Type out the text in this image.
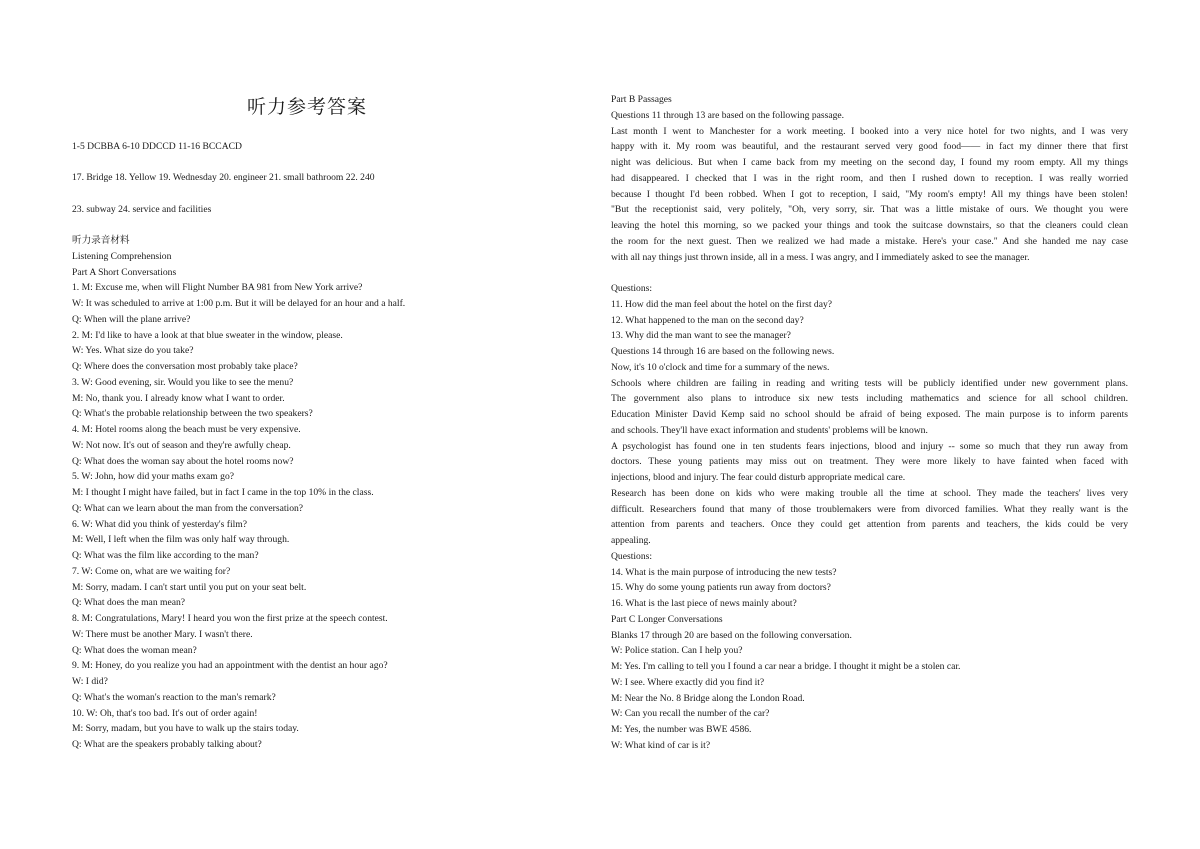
听力参考答案
1-5 DCBBA 6-10 DDCCD 11-16 BCCACD
17. Bridge 18. Yellow 19. Wednesday 20. engineer 21. small bathroom 22. 240
23. subway 24. service and facilities
听力录音材料
Listening Comprehension
Part A Short Conversations
1. M: Excuse me, when will Flight Number BA 981 from New York arrive?
W: It was scheduled to arrive at 1:00 p.m. But it will be delayed for an hour and a half.
Q: When will the plane arrive?
2. M: I'd like to have a look at that blue sweater in the window, please.
W: Yes. What size do you take?
Q: Where does the conversation most probably take place?
3. W: Good evening, sir. Would you like to see the menu?
M: No, thank you. I already know what I want to order.
Q: What's the probable relationship between the two speakers?
4. M: Hotel rooms along the beach must be very expensive.
W: Not now. It's out of season and they're awfully cheap.
Q: What does the woman say about the hotel rooms now?
5. W: John, how did your maths exam go?
M: I thought I might have failed, but in fact I came in the top 10% in the class.
Q: What can we learn about the man from the conversation?
6. W: What did you think of yesterday's film?
M: Well, I left when the film was only half way through.
Q: What was the film like according to the man?
7. W: Come on, what are we waiting for?
M: Sorry, madam. I can't start until you put on your seat belt.
Q: What does the man mean?
8. M: Congratulations, Mary! I heard you won the first prize at the speech contest.
W: There must be another Mary. I wasn't there.
Q: What does the woman mean?
9. M: Honey, do you realize you had an appointment with the dentist an hour ago?
W: I did?
Q: What's the woman's reaction to the man's remark?
10. W: Oh, that's too bad. It's out of order again!
M: Sorry, madam, but you have to walk up the stairs today.
Q: What are the speakers probably talking about?
Part B Passages
Questions 11 through 13 are based on the following passage.
Last month I went to Manchester for a work meeting. I booked into a very nice hotel for two nights, and I was very
happy with it. My room was beautiful, and the restaurant served very good food—— in fact my dinner there that first
night was delicious. But when I came back from my meeting on the second day, I found my room empty. All my things
had disappeared. I checked that I was in the right room, and then I rushed down to reception. I was really worried
because I thought I'd been robbed. When I got to reception, I said, "My room's empty! All my things have been stolen!
"But the receptionist said, very politely, "Oh, very sorry, sir. That was a little mistake of ours. We thought you were
leaving the hotel this morning, so we packed your things and took the suitcase downstairs, so that the cleaners could clean
the room for the next guest. Then we realized we had made a mistake. Here's your case." And she handed me nay case
with all nay things just thrown inside, all in a mess. I was angry, and I immediately asked to see the manager.
Questions:
11. How did the man feel about the hotel on the first day?
12. What happened to the man on the second day?
13. Why did the man want to see the manager?
Questions 14 through 16 are based on the following news.
Now, it's 10 o'clock and time for a summary of the news.
Schools where children are failing in reading and writing tests will be publicly identified under new government plans.
The government also plans to introduce six new tests including mathematics and science for all school children.
Education Minister David Kemp said no school should be afraid of being exposed. The main purpose is to inform parents
and schools. They'll have exact information and students' problems will be known.
A psychologist has found one in ten students fears injections, blood and injury -- some so much that they run away from
doctors. These young patients may miss out on treatment. They were more likely to have fainted when faced with
injections, blood and injury. The fear could disturb appropriate medical care.
Research has been done on kids who were making trouble all the time at school. They made the teachers' lives very
difficult. Researchers found that many of those troublemakers were from divorced families. What they really want is the
attention from parents and teachers. Once they could get attention from parents and teachers, the kids could be very
appealing.
Questions:
14. What is the main purpose of introducing the new tests?
15. Why do some young patients run away from doctors?
16. What is the last piece of news mainly about?
Part C Longer Conversations
Blanks 17 through 20 are based on the following conversation.
W: Police station. Can I help you?
M: Yes. I'm calling to tell you I found a car near a bridge. I thought it might be a stolen car.
W: I see. Where exactly did you find it?
M: Near the No. 8 Bridge along the London Road.
W: Can you recall the number of the car?
M: Yes, the number was BWE 4586.
W: What kind of car is it?
